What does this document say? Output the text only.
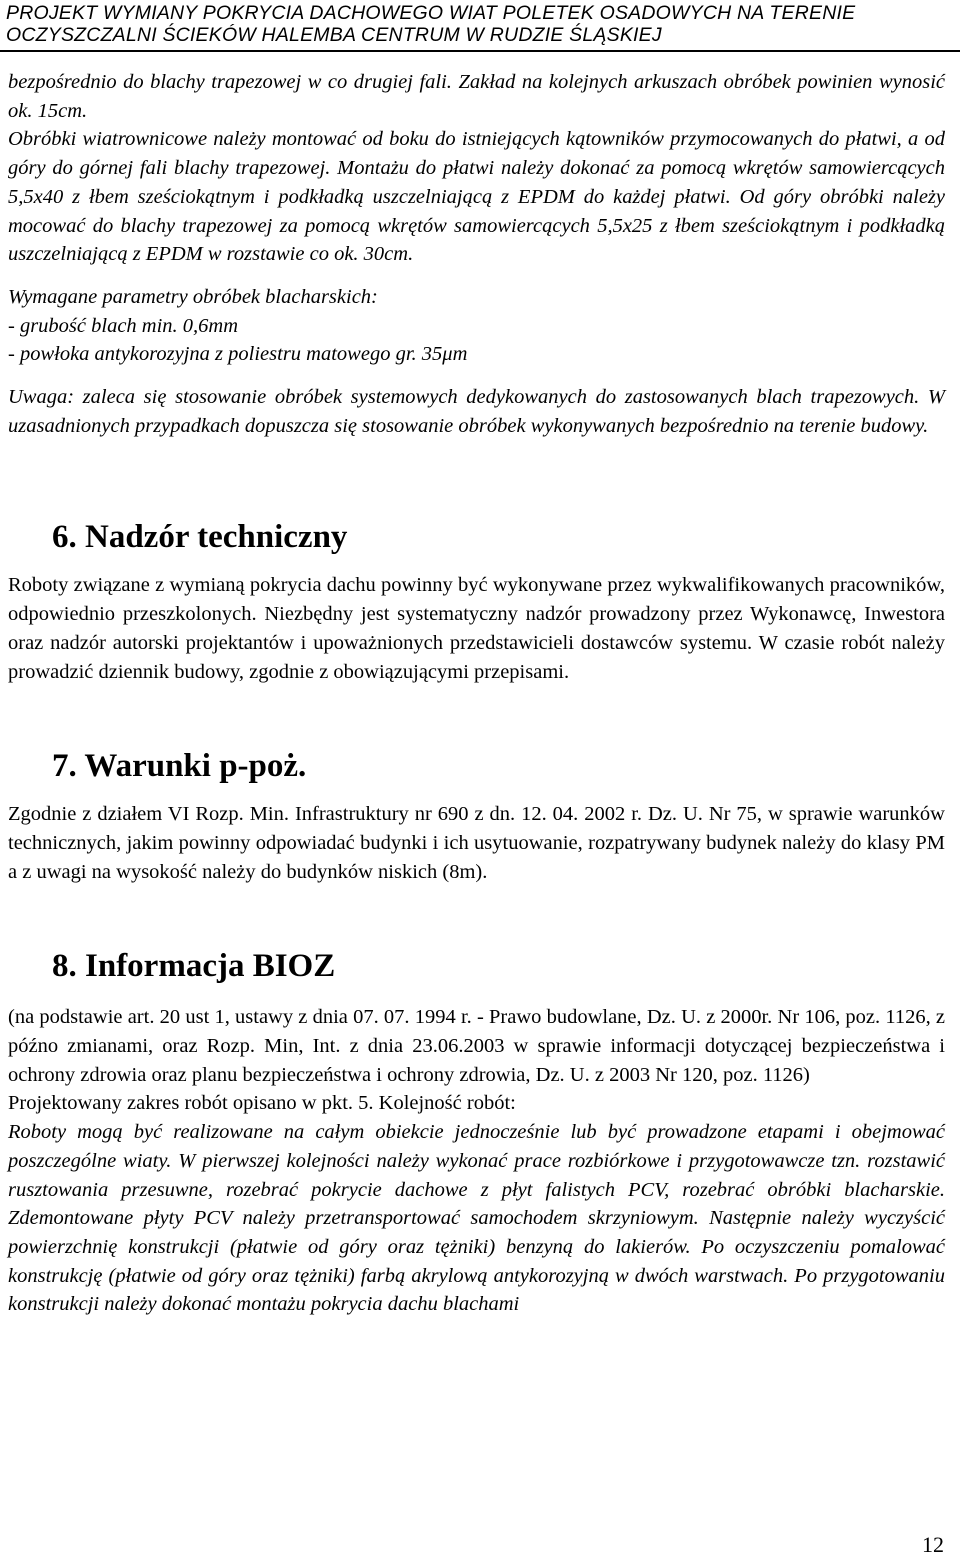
PROJEKT WYMIANY POKRYCIA DACHOWEGO WIAT POLETEK OSADOWYCH NA TERENIE
OCZYSZCZALNI ŚCIEKÓW HALEMBA CENTRUM W RUDZIE ŚLĄSKIEJ

bezpośrednio do blachy trapezowej w co drugiej fali. Zakład na kolejnych arkuszach obróbek powinien wynosić ok. 15cm.

Obróbki wiatrownicowe należy montować od boku do istniejących kątowników przymocowanych do płatwi, a od góry do górnej fali blachy trapezowej. Montażu do płatwi należy dokonać za pomocą wkrętów samowiercących 5,5x40 z łbem sześciokątnym i podkładką uszczelniającą z EPDM do każdej płatwi. Od góry obróbki należy mocować do blachy trapezowej za pomocą wkrętów samowiercących 5,5x25 z łbem sześciokątnym i podkładką uszczelniającą z EPDM w rozstawie co ok. 30cm.

Wymagane parametry obróbek blacharskich:

- grubość blach min. 0,6mm

- powłoka antykorozyjna z poliestru matowego gr. 35μm

Uwaga: zaleca się stosowanie obróbek systemowych dedykowanych do zastosowanych blach trapezowych. W uzasadnionych przypadkach dopuszcza się stosowanie obróbek wykonywanych bezpośrednio na terenie budowy.

6. Nadzór techniczny

Roboty związane z wymianą pokrycia dachu powinny być wykonywane przez wykwalifikowanych pracowników, odpowiednio przeszkolonych. Niezbędny jest systematyczny nadzór prowadzony przez Wykonawcę, Inwestora oraz nadzór autorski projektantów i upoważnionych przedstawicieli dostawców systemu. W czasie robót należy prowadzić dziennik budowy, zgodnie z obowiązującymi przepisami.

7. Warunki p-poż.

Zgodnie z działem VI Rozp. Min. Infrastruktury nr 690 z dn. 12. 04. 2002 r. Dz. U. Nr 75, w sprawie warunków technicznych, jakim powinny odpowiadać budynki i ich usytuowanie, rozpatrywany budynek należy do klasy PM a z uwagi na wysokość należy do budynków niskich (8m).

8. Informacja BIOZ

(na podstawie art. 20 ust 1, ustawy z dnia 07. 07. 1994 r. - Prawo budowlane, Dz. U. z 2000r. Nr 106, poz. 1126, z późno zmianami, oraz Rozp. Min, Int. z dnia 23.06.2003 w sprawie informacji dotyczącej bezpieczeństwa i ochrony zdrowia oraz planu bezpieczeństwa i ochrony zdrowia, Dz. U. z 2003 Nr 120, poz. 1126)

Projektowany zakres robót opisano w pkt. 5. Kolejność robót:

Roboty mogą być realizowane na całym obiekcie jednocześnie lub być prowadzone etapami i obejmować poszczególne wiaty. W pierwszej kolejności należy wykonać prace rozbiórkowe i przygotowawcze tzn. rozstawić rusztowania przesuwne, rozebrać pokrycie dachowe z płyt falistych PCV, rozebrać obróbki blacharskie. Zdemontowane płyty PCV należy przetransportować samochodem skrzyniowym. Następnie należy wyczyścić powierzchnię konstrukcji (płatwie od góry oraz tężniki) benzyną do lakierów. Po oczyszczeniu pomalować konstrukcję (płatwie od góry oraz tężniki) farbą akrylową antykorozyjną w dwóch warstwach. Po przygotowaniu konstrukcji należy dokonać montażu pokrycia dachu blachami

12
